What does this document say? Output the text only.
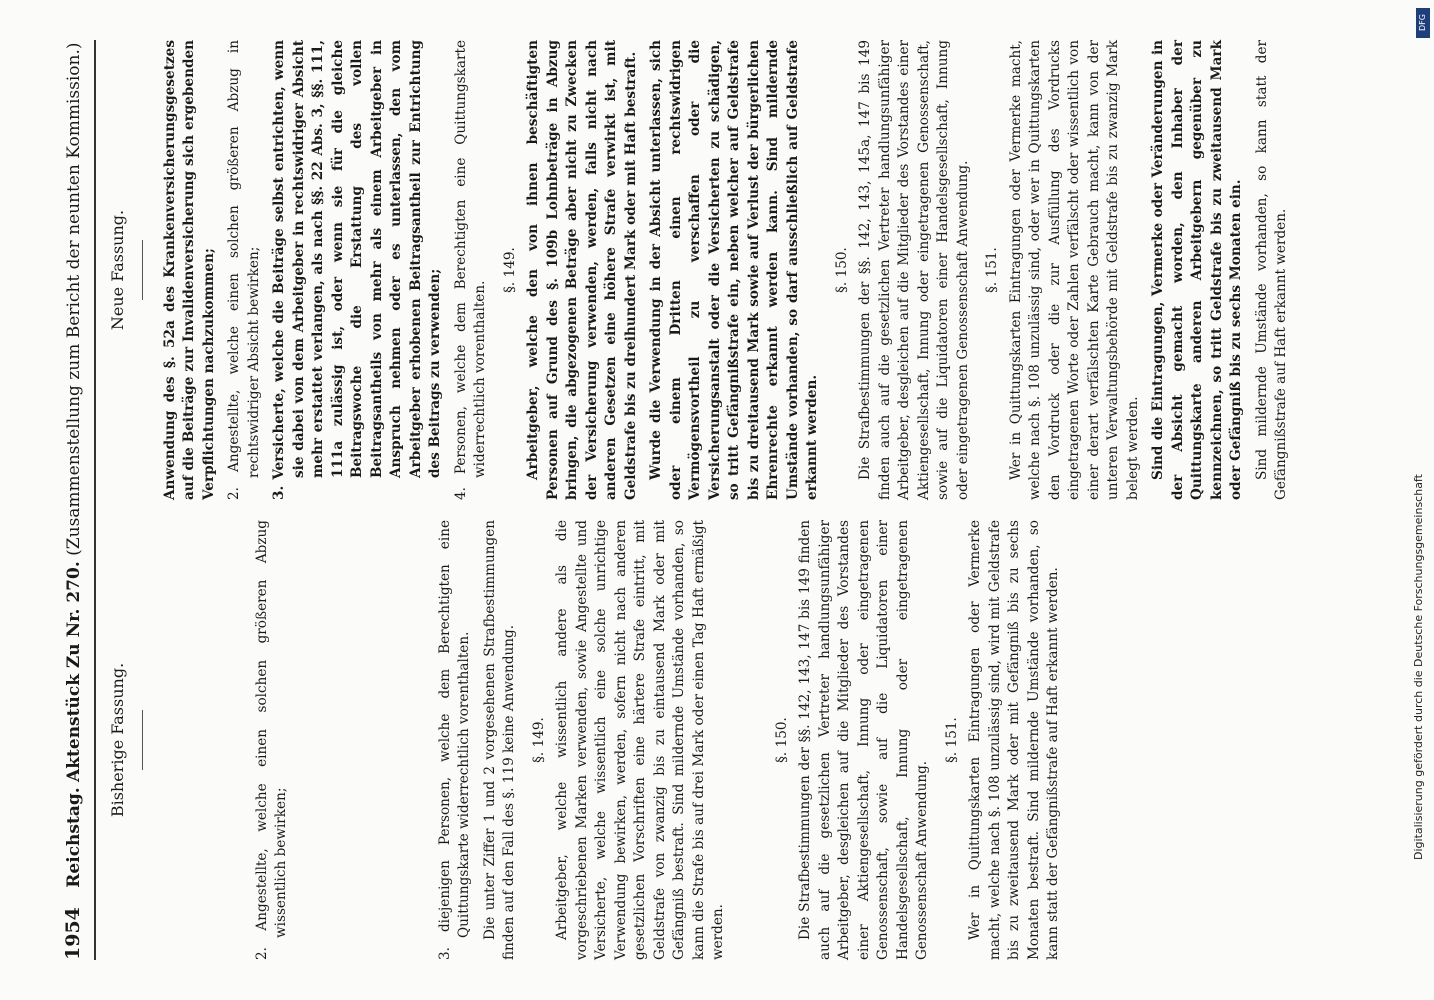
1954 Reichstag. Aktenstück Zu Nr. 270. (Zusammenstellung zum Bericht der neunten Kommission.)
Bisherige Fassung.	2. Angestellte, welche einen solchen größeren Abzug wissentlich bewirken;	3. diejenigen Personen, welche dem Berechtigten eine Quittungskarte widerrechtlich vorenthalten. Die unter Ziffer 1 und 2 vorgesehenen Strafbestimmungen finden auf den Fall des §. 119 keine Anwendung. §. 149. Arbeitgeber, welche wissentlich andere als die vorgeschriebenen Marken verwenden, sowie Angestellte und Versicherte, welche wissentlich eine solche unrichtige Verwendung bewirken, werden, sofern nicht nach anderen gesetzlichen Vorschriften eine härtere Strafe eintritt, mit Geldstrafe von zwanzig bis zu eintausend Mark oder mit Gefängniß bestraft. Sind mildernde Umstände vorhanden, so kann die Strafe bis auf drei Mark oder einen Tag Haft ermäßigt werden.

§. 150. Die Strafbestimmungen der §§. 142, 143, 147 bis 149 finden auch auf die gesetzlichen Vertreter handlungsunfähiger Arbeitgeber, desgleichen auf die Mitglieder des Vorstandes einer Aktiengesellschaft, Innung oder eingetragenen Genossenschaft, sowie auf die Liquidatoren einer Handelsgesellschaft, Innung oder eingetragenen Genossenschaft Anwendung.

§. 151. Wer in Quittungskarten Eintragungen oder Vermerke macht, welche nach §. 108 unzulässig sind, wird mit Geldstrafe bis zu zweitausend Mark oder mit Gefängniß bis zu sechs Monaten bestraft. Sind mildernde Umstände vorhanden, so kann statt der Gefängnißstrafe auf Haft erkannt werden.

Neue Fassung.	Anwendung des §. 52a des Krankenversicherungsgesetzes auf die Beiträge zur Invalidenversicherung sich ergebenden Verpflichtungen nachzukommen; 2. Angestellte, welche einen solchen größeren Abzug in rechtswidriger Absicht bewirken; 3. Versicherte, welche die Beiträge selbst entrichten, wenn sie dabei von dem Arbeitgeber in rechtswidriger Absicht mehr erstattet verlangen, als nach §§. 22 Abs. 3, §§. 111, 111a zulässig ist, oder wenn sie für die gleiche Beitragswoche die Erstattung des vollen Beitragsantheils von mehr als einem Arbeitgeber in Anspruch nehmen oder es unterlassen, den vom Arbeitgeber erhobenen Beitragsantheil zur Entrichtung des Beitrags zu verwenden; 4. Personen, welche dem Berechtigten eine Quittungskarte widerrechtlich vorenthalten.

§. 149. Arbeitgeber, welche den von ihnen beschäftigten Personen auf Grund des §. 109b Lohnbeträge in Abzug bringen, die abgezogenen Beträge aber nicht zu Zwecken der Versicherung verwenden, werden, falls nicht nach anderen Gesetzen eine höhere Strafe verwirkt ist, mit Geldstrafe bis zu dreihundert Mark oder mit Haft bestraft. Wurde die Verwendung in der Absicht unterlassen, sich oder einem Dritten einen rechtswidrigen Vermögensvortheil zu verschaffen oder die Versicherungsanstalt oder die Versicherten zu schädigen, so tritt Gefängnißstrafe ein, neben welcher auf Geldstrafe bis zu dreitausend Mark sowie auf Verlust der bürgerlichen Ehrenrechte erkannt werden kann. Sind mildernde Umstände vorhanden, so darf ausschließlich auf Geldstrafe erkannt werden.

§. 150. Die Strafbestimmungen der §§. 142, 143, 145a, 147 bis 149 finden auch auf die gesetzlichen Vertreter handlungsunfähiger Arbeitgeber, desgleichen auf die Mitglieder des Vorstandes einer Aktiengesellschaft, Innung oder eingetragenen Genossenschaft, sowie auf die Liquidatoren einer Handelsgesellschaft, Innung oder eingetragenen Genossenschaft Anwendung. §. 151. Wer in Quittungskarten Eintragungen oder Vermerke macht, welche nach §. 108 unzulässig sind, oder wer in Quittungskarten den Vordruck oder die zur Ausfüllung des Vordrucks eingetragenen Worte oder Zahlen verfälscht oder wissentlich von einer derart verfälschten Karte Gebrauch macht, kann von der unteren Verwaltungsbehörde mit Geldstrafe bis zu zwanzig Mark belegt werden. Sind die Eintragungen, Vermerke oder Veränderungen in der Absicht gemacht worden, den Inhaber der Quittungskarte anderen Arbeitgebern gegenüber zu kennzeichnen, so tritt Geldstrafe bis zu zweitausend Mark oder Gefängniß bis zu sechs Monaten ein. Sind mildernde Umstände vorhanden, so kann statt der Gefängnißstrafe auf Haft erkannt werden.

DFG
Digitalisierung gefördert durch die Deutsche Forschungsgemeinschaft
